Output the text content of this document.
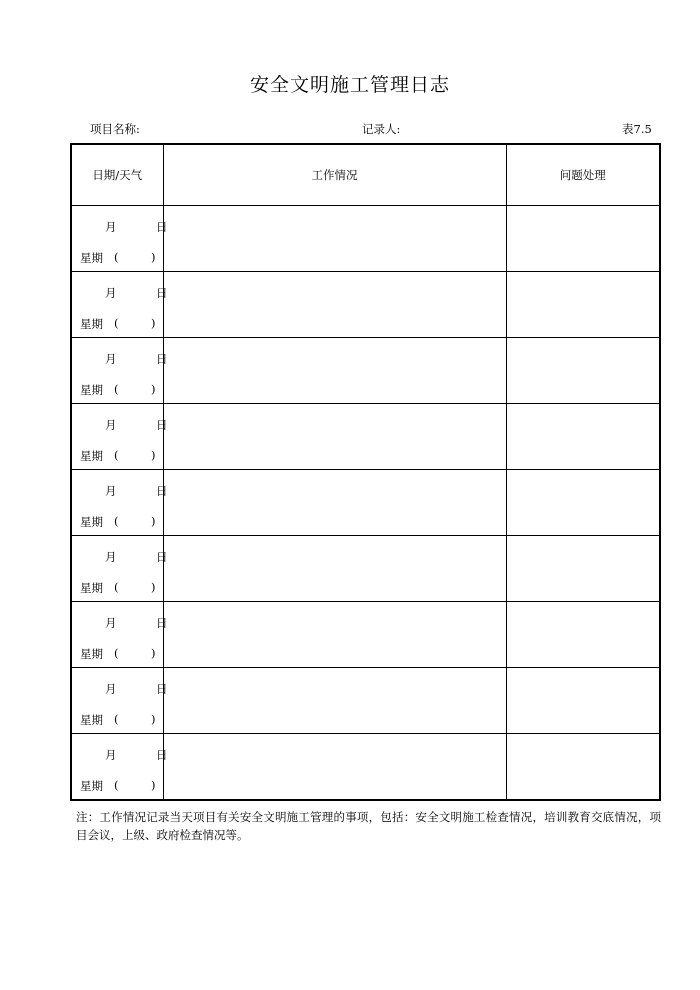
安全文明施工管理日志
项目名称:	记录人:	表7.5
日期/天气	工作情况	问题处理

月 日
星期 ( )		

月 日
星期 ( )		

月 日
星期 ( )		

月 日
星期 ( )		

月 日
星期 ( )		

月 日
星期 ( )		

月 日
星期 ( )		

月 日
星期 ( )		

月 日
星期 ( )		

注：工作情况记录当天项目有关安全文明施工管理的事项，包括：安全文明施工检查情况，培训教育交底情况，项目会议，上级、政府检查情况等。
